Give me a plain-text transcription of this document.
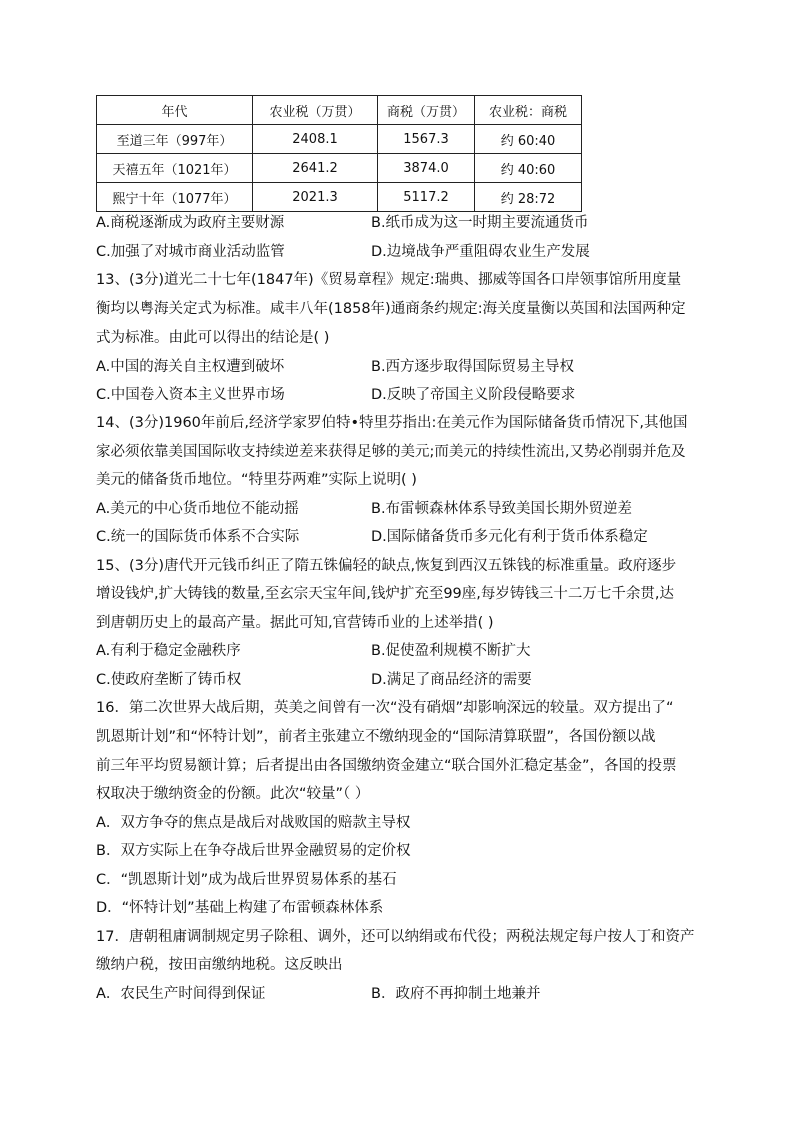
年代	农业税（万贯）	商税（万贯）	农业税：商税
至道三年（997年）	2408.1	1567.3	约 60:40
天禧五年（1021年）	2641.2	3874.0	约 40:60
熙宁十年（1077年）	2021.3	5117.2	约 28:72
A.商税逐渐成为政府主要财源	B.纸币成为这一时期主要流通货币
C.加强了对城市商业活动监管	D.边境战争严重阻碍农业生产发展
13、(3分)道光二十七年(1847年)《贸易章程》规定:瑞典、挪威等国各口岸领事馆所用度量
衡均以粤海关定式为标准。咸丰八年(1858年)通商条约规定:海关度量衡以英国和法国两种定
式为标准。由此可以得出的结论是( )
A.中国的海关自主权遭到破坏	B.西方逐步取得国际贸易主导权
C.中国卷入资本主义世界市场	D.反映了帝国主义阶段侵略要求
14、(3分)1960年前后,经济学家罗伯特•特里芬指出:在美元作为国际储备货币情况下,其他国
家必须依靠美国国际收支持续逆差来获得足够的美元;而美元的持续性流出,又势必削弱并危及
美元的储备货币地位。“特里芬两难”实际上说明( )
A.美元的中心货币地位不能动摇	B.布雷顿森林体系导致美国长期外贸逆差
C.统一的国际货币体系不合实际	D.国际储备货币多元化有利于货币体系稳定
15、(3分)唐代开元钱币纠正了隋五铢偏轻的缺点,恢复到西汉五铢钱的标准重量。政府逐步
增设钱炉,扩大铸钱的数量,至玄宗天宝年间,钱炉扩充至99座,每岁铸钱三十二万七千余贯,达
到唐朝历史上的最高产量。据此可知,官营铸币业的上述举措( )
A.有利于稳定金融秩序	B.促使盈利规模不断扩大
C.使政府垄断了铸币权	D.满足了商品经济的需要
16．第二次世界大战后期，英美之间曾有一次“没有硝烟”却影响深远的较量。双方提出了“
凯恩斯计划”和“怀特计划”，前者主张建立不缴纳现金的“国际清算联盟”，各国份额以战
前三年平均贸易额计算；后者提出由各国缴纳资金建立“联合国外汇稳定基金”，各国的投票
权取决于缴纳资金的份额。此次“较量”（ ）
A．双方争夺的焦点是战后对战败国的赔款主导权
B．双方实际上在争夺战后世界金融贸易的定价权
C．“凯恩斯计划”成为战后世界贸易体系的基石
D．“怀特计划”基础上构建了布雷顿森林体系
17．唐朝租庸调制规定男子除租、调外，还可以纳绢或布代役；两税法规定每户按人丁和资产
缴纳户税，按田亩缴纳地税。这反映出
A．农民生产时间得到保证	B．政府不再抑制土地兼并
